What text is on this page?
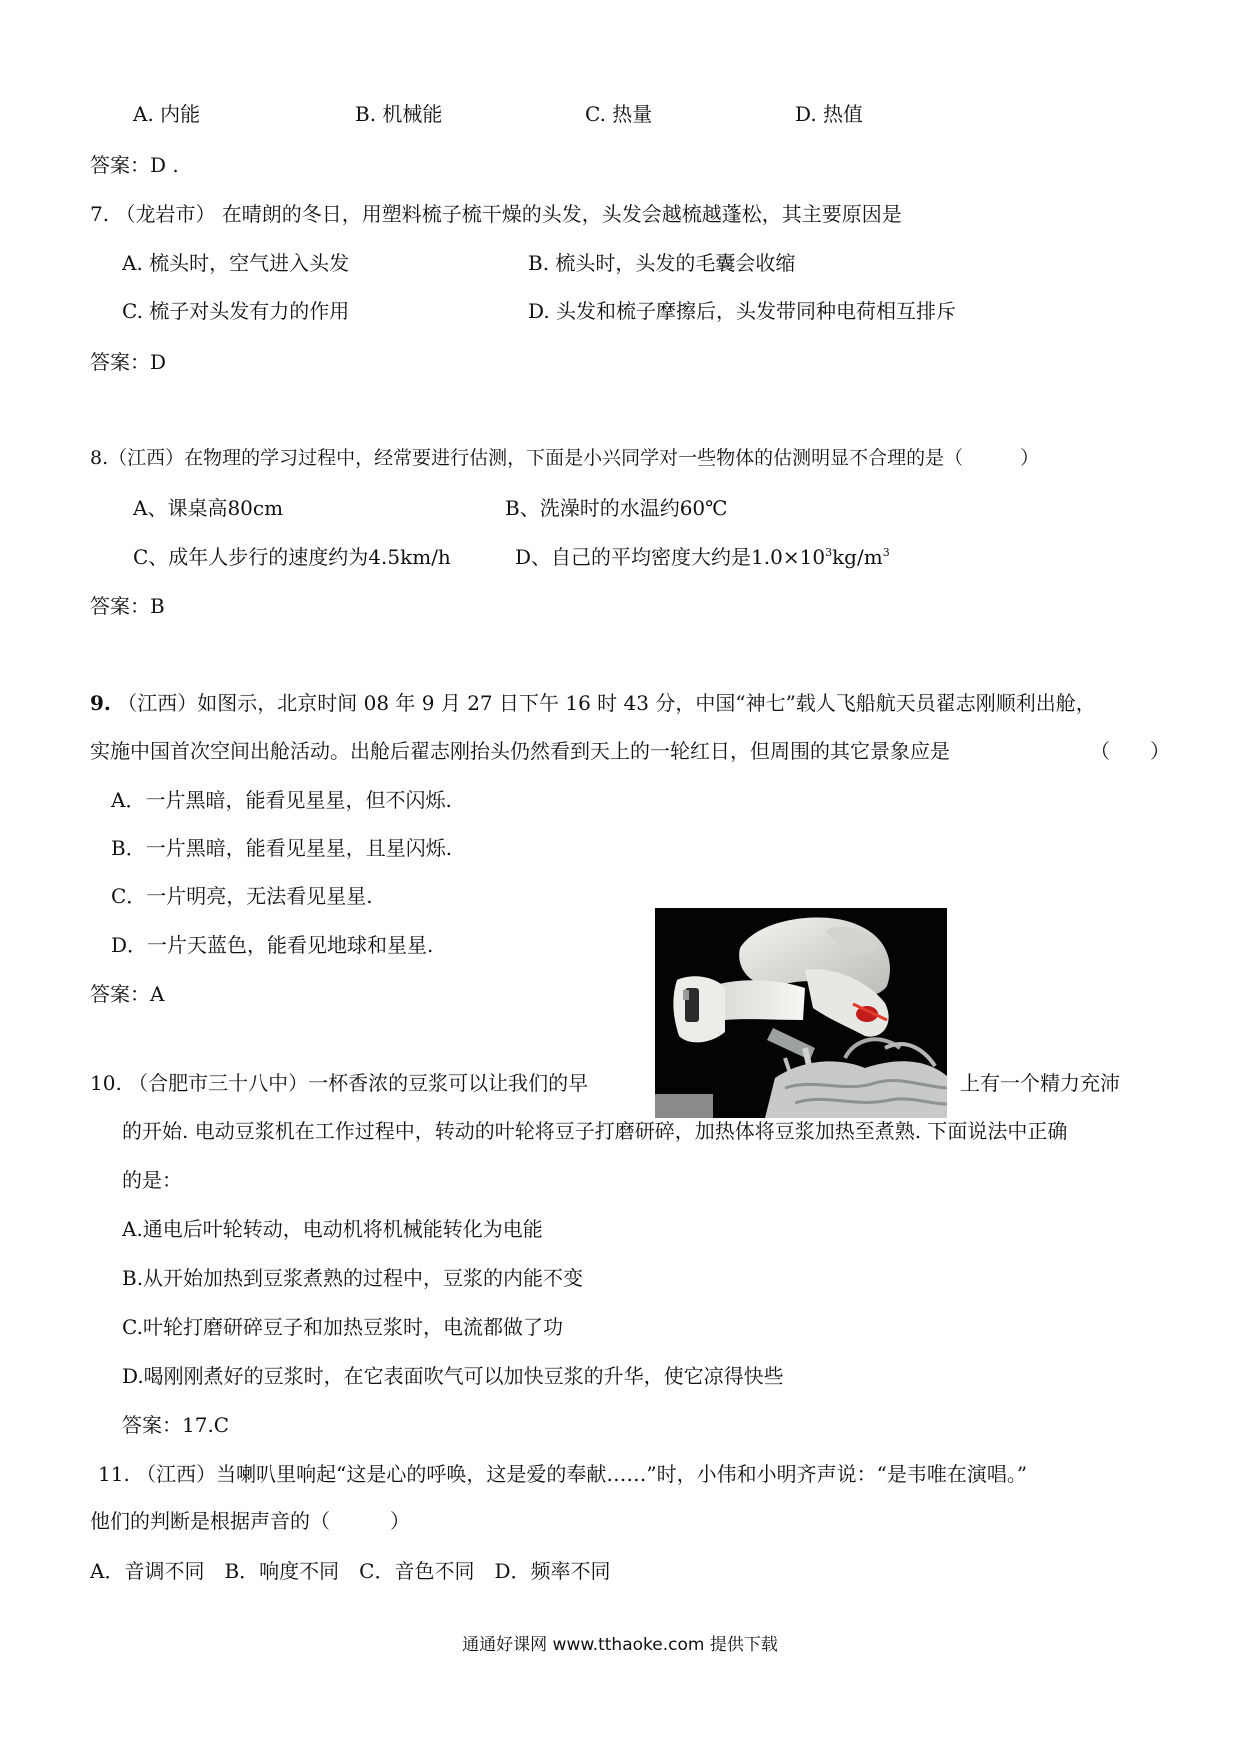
A. 内能	B. 机械能	C. 热量	D. 热值
答案：D .
7. （龙岩市） 在晴朗的冬日，用塑料梳子梳干燥的头发，头发会越梳越蓬松，其主要原因是
A. 梳头时，空气进入头发	B. 梳头时，头发的毛囊会收缩
C. 梳子对头发有力的作用	D. 头发和梳子摩擦后，头发带同种电荷相互排斥
答案：D
8.（江西）在物理的学习过程中，经常要进行估测，下面是小兴同学对一些物体的估测明显不合理的是（　　　）
A、课桌高80cm	B、洗澡时的水温约60℃
C、成年人步行的速度约为4.5km/h	D、自己的平均密度大约是$1.0\times 10^3kg/m^3$
答案：B
9. （江西）如图示，北京时间 08 年 9 月 27 日下午 16 时 43 分，中国“神七”载人飞船航天员翟志刚顺利出舱，
实施中国首次空间出舱活动。出舱后翟志刚抬头仍然看到天上的一轮红日，但周围的其它景象应是	（　　）
A．一片黑暗，能看见星星，但不闪烁.
B．一片黑暗，能看见星星，且星闪烁.
C．一片明亮，无法看见星星.
D．一片天蓝色，能看见地球和星星.
答案：A
10. （合肥市三十八中）一杯香浓的豆浆可以让我们的早	上有一个精力充沛
的开始. 电动豆浆机在工作过程中，转动的叶轮将豆子打磨研碎，加热体将豆浆加热至煮熟. 下面说法中正确
的是：
A.通电后叶轮转动，电动机将机械能转化为电能
B.从开始加热到豆浆煮熟的过程中，豆浆的内能不变
C.叶轮打磨研碎豆子和加热豆浆时，电流都做了功
D.喝刚刚煮好的豆浆时，在它表面吹气可以加快豆浆的升华，使它凉得快些
答案：17.C
11. （江西）当喇叭里响起“这是心的呼唤，这是爱的奉献……”时，小伟和小明齐声说：“是韦唯在演唱。”
他们的判断是根据声音的（　　　）
A．音调不同　B．响度不同　C．音色不同　D．频率不同
通通好课网 www.tthaoke.com 提供下载
